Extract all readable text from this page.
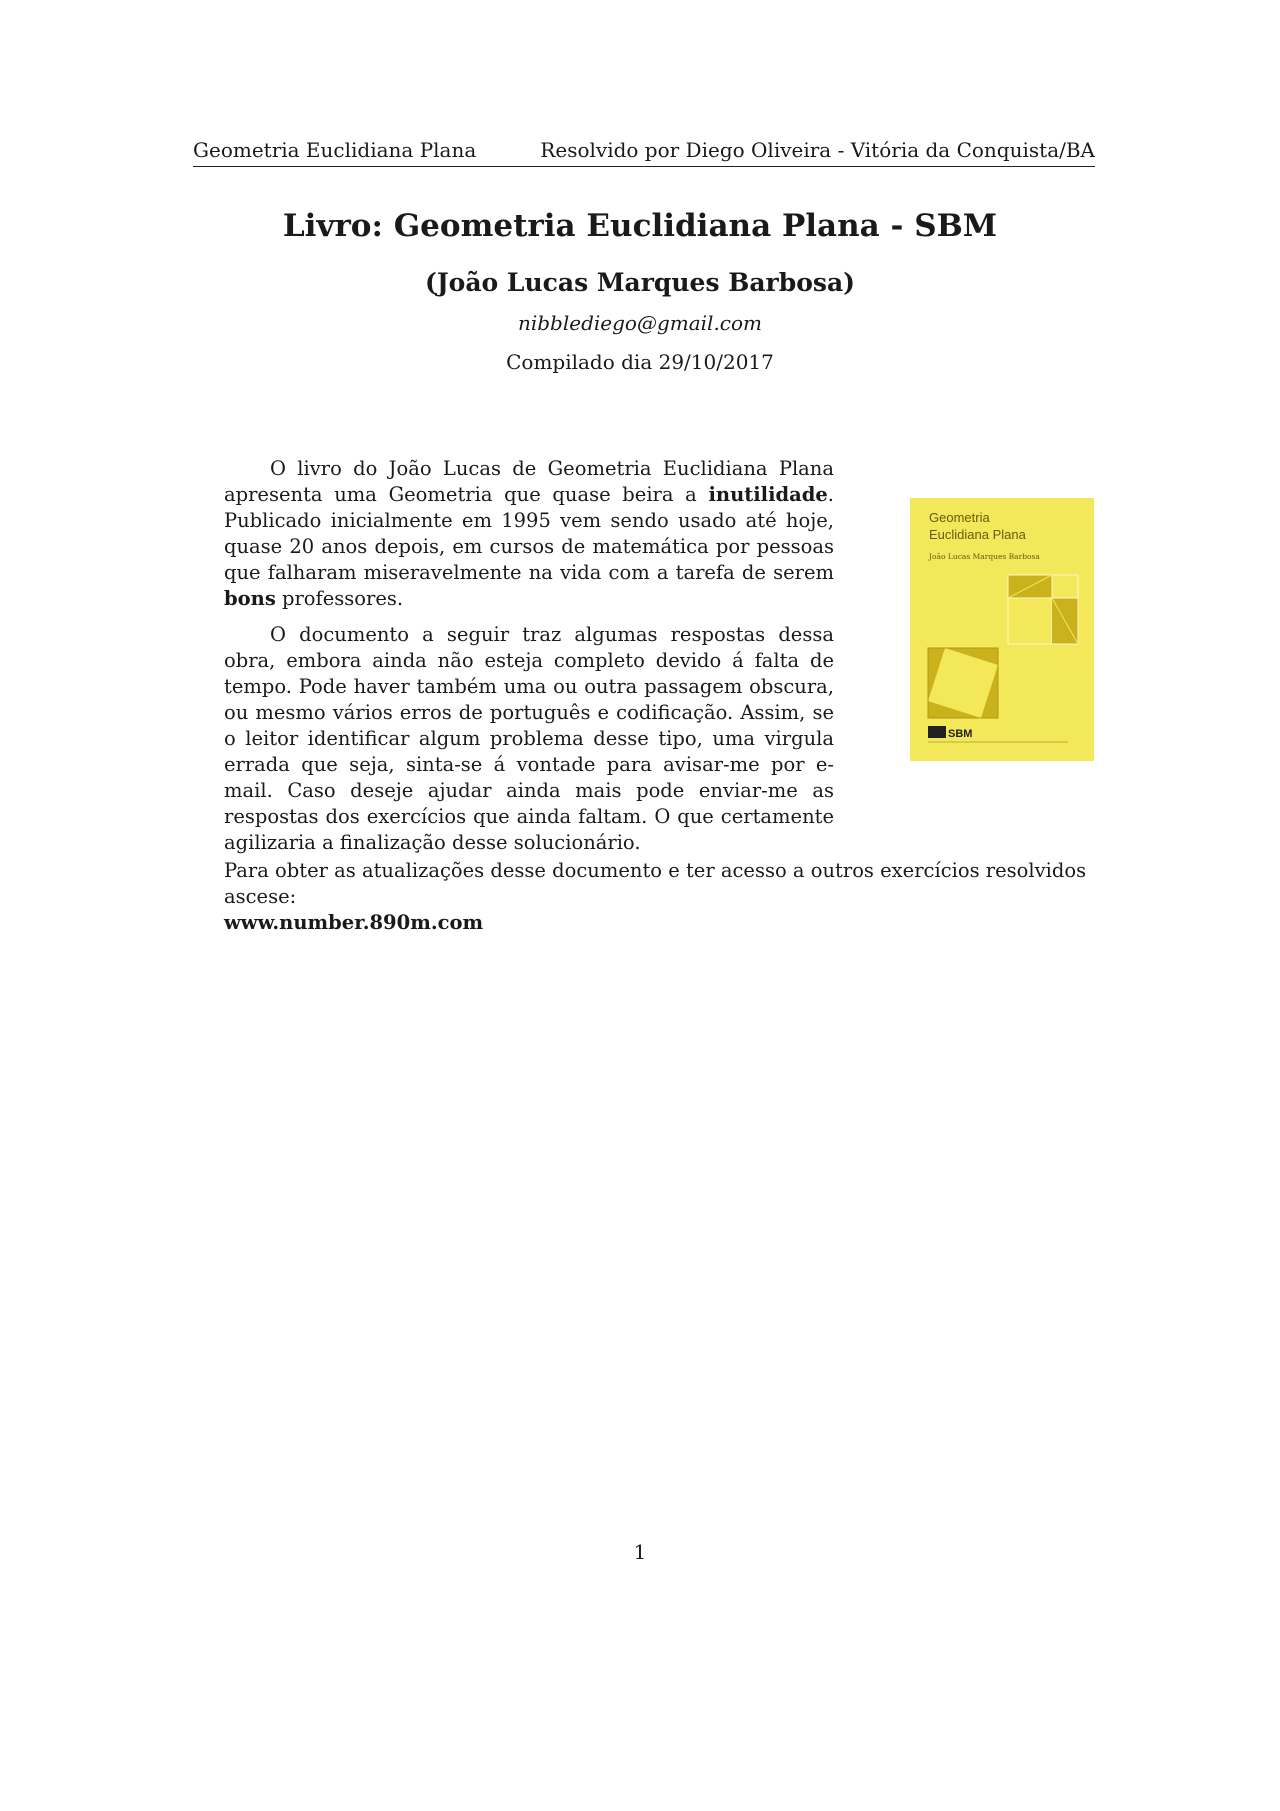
Geometria Euclidiana Plana	Resolvido por Diego Oliveira - Vitória da Conquista/BA
Livro: Geometria Euclidiana Plana - SBM
(João Lucas Marques Barbosa)
nibblediego@gmail.com
Compilado dia 29/10/2017

O livro do João Lucas de Geometria Euclidiana Plana apresenta uma Geometria que quase beira a inutilidade. Publicado inicialmente em 1995 vem sendo usado até hoje, quase 20 anos depois, em cursos de matemática por pessoas que falharam miseravelmente na vida com a tarefa de serem bons professores.

O documento a seguir traz algumas respostas dessa obra, embora ainda não esteja completo devido á falta de tempo. Pode haver também uma ou outra passagem obscura, ou mesmo vários erros de português e codificação. Assim, se o leitor identificar algum problema desse tipo, uma virgula errada que seja, sinta-se á vontade para avisar-me por e-mail. Caso deseje ajudar ainda mais pode enviar-me as respostas dos exercícios que ainda faltam. O que certamente agilizaria a finalização desse solucionário.

Geometria
Euclidiana Plana
João Lucas Marques Barbosa
SBM
Para obter as atualizações desse documento e ter acesso a outros exercícios resolvidos ascese:
www.number.890m.com
1
